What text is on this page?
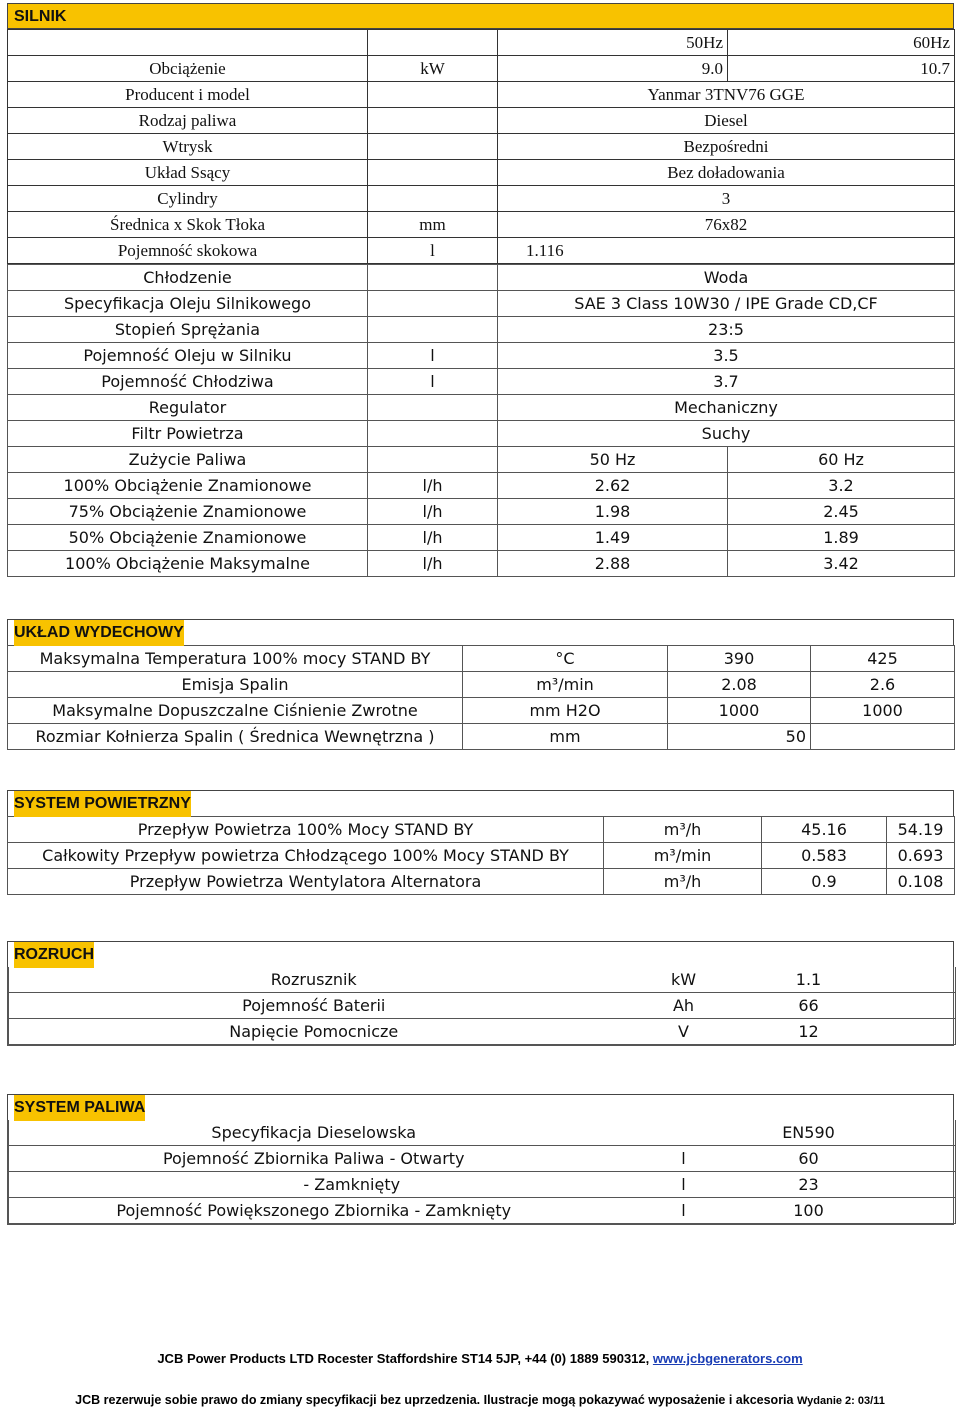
SILNIK
		50Hz	60Hz
Obciążenie	kW	9.0	10.7
Producent i model		Yanmar 3TNV76 GGE	
Rodzaj paliwa		Diesel	
Wtrysk		Bezpośredni	
Układ Ssący		Bez doładowania	
Cylindry		3	
Średnica x Skok Tłoka	mm	76x82	
Pojemność skokowa	l	1.116	
Chłodzenie		Woda	
Specyfikacja Oleju Silnikowego		SAE 3 Class 10W30 / IPE Grade CD,CF	
Stopień Sprężania		23:5	
Pojemność Oleju w Silniku	l	3.5	
Pojemność Chłodziwa	l	3.7	
Regulator		Mechaniczny	
Filtr Powietrza		Suchy	
Zużycie Paliwa		50 Hz	60 Hz
100% Obciążenie Znamionowe	l/h	2.62	3.2
75% Obciążenie Znamionowe	l/h	1.98	2.45
50% Obciążenie Znamionowe	l/h	1.49	1.89
100% Obciążenie Maksymalne	l/h	2.88	3.42
UKŁAD WYDECHOWY
Maksymalna Temperatura 100% mocy STAND BY	°C	390	425
Emisja Spalin	m³/min	2.08	2.6
Maksymalne Dopuszczalne Ciśnienie Zwrotne	mm H2O	1000	1000
Rozmiar Kołnierza Spalin ( Średnica Wewnętrzna )	mm	50	
SYSTEM POWIETRZNY
Przepływ Powietrza 100% Mocy STAND BY	m³/h	45.16	54.19
Całkowity Przepływ powietrza Chłodzącego 100% Mocy STAND BY	m³/min	0.583	0.693
Przepływ Powietrza Wentylatora Alternatora	m³/h	0.9	0.108
ROZRUCH
Rozrusznik	kW	1.1	
Pojemność Baterii	Ah	66	
Napięcie Pomocnicze	V	12	
SYSTEM PALIWA
Specyfikacja Dieselowska		EN590	
Pojemność Zbiornika Paliwa - Otwarty	l	60	
- Zamknięty	l	23	
Pojemność Powiększonego Zbiornika - Zamknięty	l	100	
JCB Power Products LTD Rocester Staffordshire ST14 5JP, +44 (0) 1889 590312, www.jcbgenerators.com
JCB rezerwuje sobie prawo do zmiany specyfikacji bez uprzedzenia. Ilustracje mogą pokazywać wyposażenie i akcesoria Wydanie 2: 03/11
